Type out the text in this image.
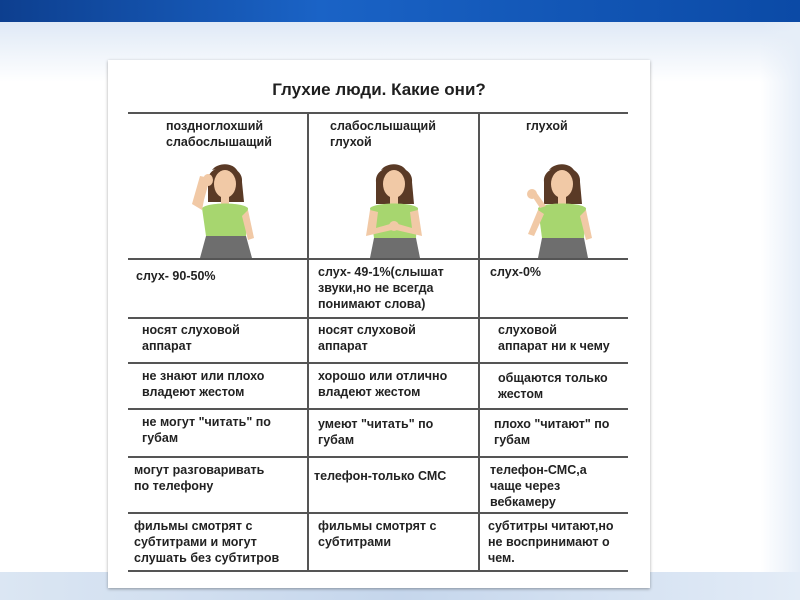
Глухие люди. Какие они?
поздноглохший
слабослышащий
слабослышащий
глухой
глухой
слух- 90-50%	слух- 49-1%(слышат
звуки,но не всегда
понимают слова)
слух-0%
носят слуховой
аппарат
носят слуховой
аппарат
слуховой
аппарат ни к чему
не знают или плохо
владеют жестом
хорошо или отлично
владеют жестом
общаются только
жестом
не могут "читать" по
губам
умеют "читать" по
губам
плохо "читают" по
губам
могут разговаривать
по телефону
телефон-только СМС	телефон-СМС,а
чаще через
вебкамеру
фильмы смотрят с
субтитрами и могут
слушать без субтитров
фильмы смотрят с
субтитрами
субтитры читают,но
не воспринимают о
чем.
